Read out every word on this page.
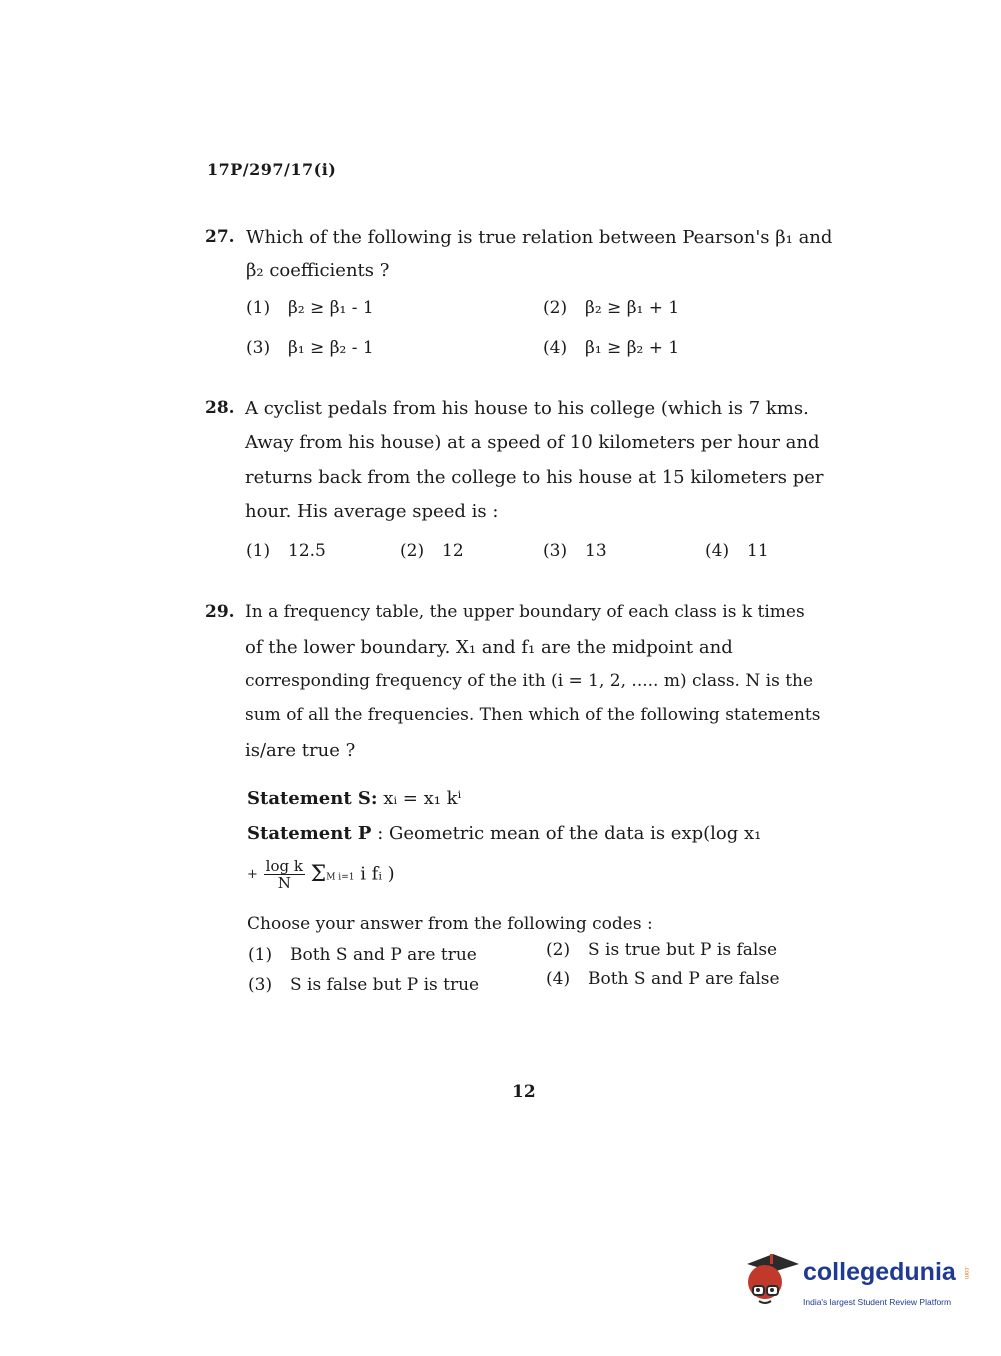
17P/297/17(i)
27. Which of the following is true relation between Pearson's β₁ and
β₂ coefficients ?
(1) β₂ ≥ β₁ - 1	(2) β₂ ≥ β₁ + 1
(3) β₁ ≥ β₂ - 1	(4) β₁ ≥ β₂ + 1
28. A cyclist pedals from his house to his college (which is 7 kms.
Away from his house) at a speed of 10 kilometers per hour and
returns back from the college to his house at 15 kilometers per
hour. His average speed is :
(1) 12.5	(2) 12	(3) 13	(4) 11
29. In a frequency table, the upper boundary of each class is k times
of the lower boundary. X₁ and f₁ are the midpoint and
corresponding frequency of the ith (i = 1, 2, ..... m) class. N is the
sum of all the frequencies. Then which of the following statements
is/are true ?
Statement S: xᵢ = x₁ kⁱ
Statement P : Geometric mean of the data is exp(log x₁
+ $\frac{\text{log k}}{N}$ ΣM i=1 i fᵢ )
Choose your answer from the following codes :
(1) Both S and P are true	(2) S is true but P is false
(3) S is false but P is true	(4) Both S and P are false
12
collegedunia .com
India's largest Student Review Platform
